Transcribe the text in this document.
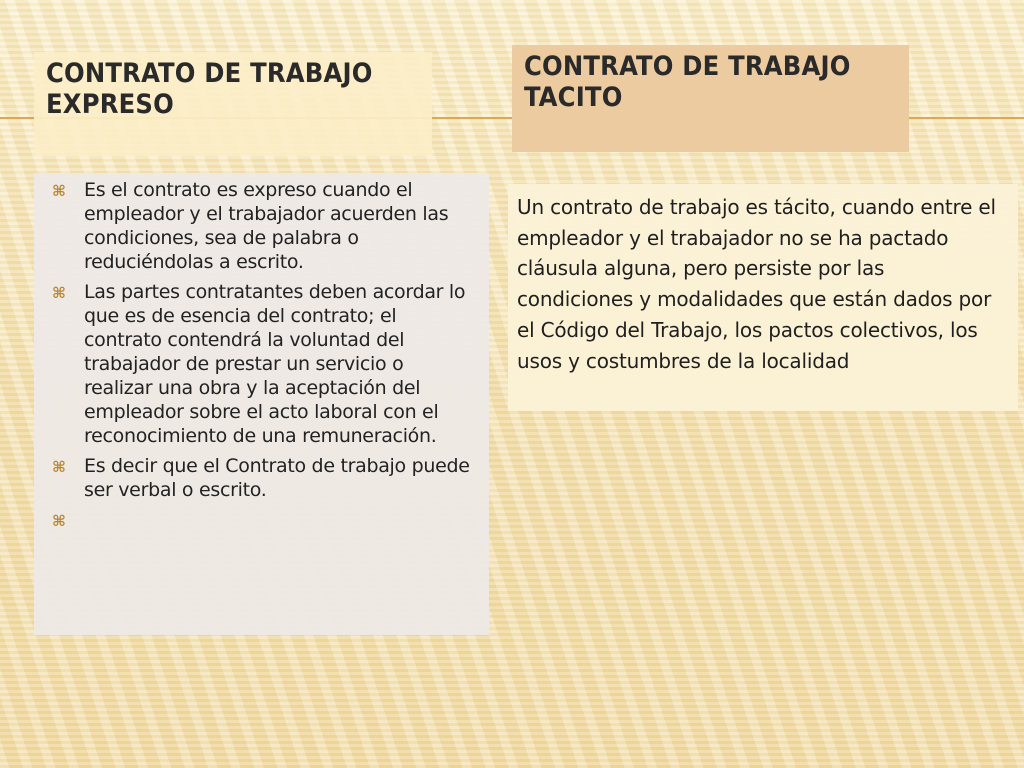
CONTRATO DE TRABAJO EXPRESO
CONTRATO DE TRABAJO TACITO
⌘ Es el contrato es expreso cuando el empleador y el trabajador acuerden las condiciones, sea de palabra o reduciéndolas a escrito.
⌘ Las partes contratantes deben acordar lo que es de esencia del contrato; el contrato contendrá la voluntad del trabajador de prestar un servicio o realizar una obra y la aceptación del empleador sobre el acto laboral con el reconocimiento de una remuneración.
⌘ Es decir que el Contrato de trabajo puede ser verbal o escrito.
⌘

Un contrato de trabajo es tácito, cuando entre el empleador y el trabajador no se ha pactado cláusula alguna, pero persiste por las condiciones y modalidades que están dados por el Código del Trabajo, los pactos colectivos, los usos y costumbres de la localidad
